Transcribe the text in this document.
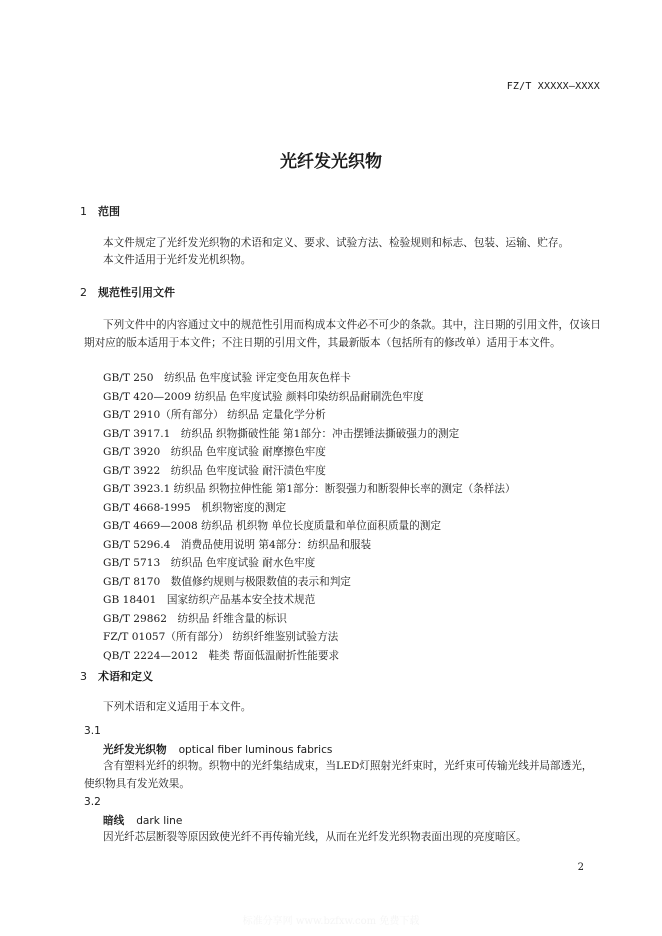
FZ/T XXXXX—XXXX
光纤发光织物
1 范围
本文件规定了光纤发光织物的术语和定义、要求、试验方法、检验规则和标志、包装、运输、贮存。
本文件适用于光纤发光机织物。
2 规范性引用文件
下列文件中的内容通过文中的规范性引用而构成本文件必不可少的条款。其中，注日期的引用文件，仅该日期对应的版本适用于本文件；不注日期的引用文件，其最新版本（包括所有的修改单）适用于本文件。
GB/T 250　纺织品 色牢度试验 评定变色用灰色样卡
GB/T 420—2009 纺织品 色牢度试验 颜料印染纺织品耐刷洗色牢度
GB/T 2910（所有部分） 纺织品 定量化学分析
GB/T 3917.1　纺织品 织物撕破性能 第1部分：冲击摆锤法撕破强力的测定
GB/T 3920　纺织品 色牢度试验 耐摩擦色牢度
GB/T 3922　纺织品 色牢度试验 耐汗渍色牢度
GB/T 3923.1 纺织品 织物拉伸性能 第1部分：断裂强力和断裂伸长率的测定（条样法）
GB/T 4668-1995　机织物密度的测定
GB/T 4669—2008 纺织品 机织物 单位长度质量和单位面积质量的测定
GB/T 5296.4　消费品使用说明 第4部分：纺织品和服装
GB/T 5713　纺织品 色牢度试验 耐水色牢度
GB/T 8170　数值修约规则与极限数值的表示和判定
GB 18401　国家纺织产品基本安全技术规范
GB/T 29862　纺织品 纤维含量的标识
FZ/T 01057（所有部分） 纺织纤维鉴别试验方法
QB/T 2224—2012　鞋类 帮面低温耐折性能要求
3 术语和定义
下列术语和定义适用于本文件。
3.1
光纤发光织物 optical fiber luminous fabrics
含有塑料光纤的织物。织物中的光纤集结成束，当LED灯照射光纤束时，光纤束可传输光线并局部透光，使织物具有发光效果。
3.2
暗线 dark line
因光纤芯层断裂等原因致使光纤不再传输光线，从而在光纤发光织物表面出现的亮度暗区。
2
标准分享网 www.bzfxw.com 免费下载
